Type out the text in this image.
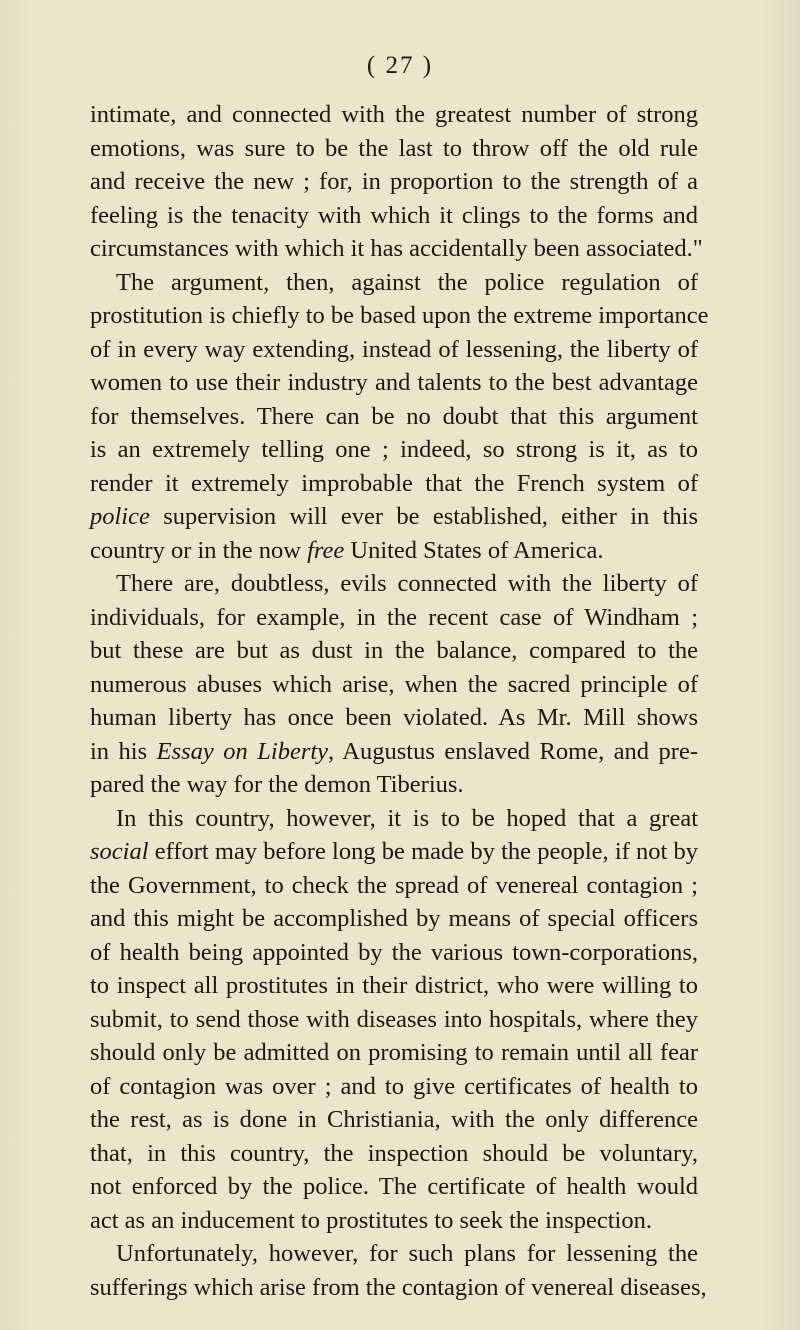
( 27 )
intimate, and connected with the greatest number of strong
emotions, was sure to be the last to throw off the old rule
and receive the new ; for, in proportion to the strength of a
feeling is the tenacity with which it clings to the forms and
circumstances with which it has accidentally been associated."
The argument, then, against the police regulation of
prostitution is chiefly to be based upon the extreme importance
of in every way extending, instead of lessening, the liberty of
women to use their industry and talents to the best advantage
for themselves. There can be no doubt that this argument
is an extremely telling one ; indeed, so strong is it, as to
render it extremely improbable that the French system of
police supervision will ever be established, either in this
country or in the now free United States of America.
There are, doubtless, evils connected with the liberty of
individuals, for example, in the recent case of Windham ;
but these are but as dust in the balance, compared to the
numerous abuses which arise, when the sacred principle of
human liberty has once been violated. As Mr. Mill shows
in his Essay on Liberty, Augustus enslaved Rome, and pre-
pared the way for the demon Tiberius.
In this country, however, it is to be hoped that a great
social effort may before long be made by the people, if not by
the Government, to check the spread of venereal contagion ;
and this might be accomplished by means of special officers
of health being appointed by the various town-corporations,
to inspect all prostitutes in their district, who were willing to
submit, to send those with diseases into hospitals, where they
should only be admitted on promising to remain until all fear
of contagion was over ; and to give certificates of health to
the rest, as is done in Christiania, with the only difference
that, in this country, the inspection should be voluntary,
not enforced by the police. The certificate of health would
act as an inducement to prostitutes to seek the inspection.
Unfortunately, however, for such plans for lessening the
sufferings which arise from the contagion of venereal diseases,
